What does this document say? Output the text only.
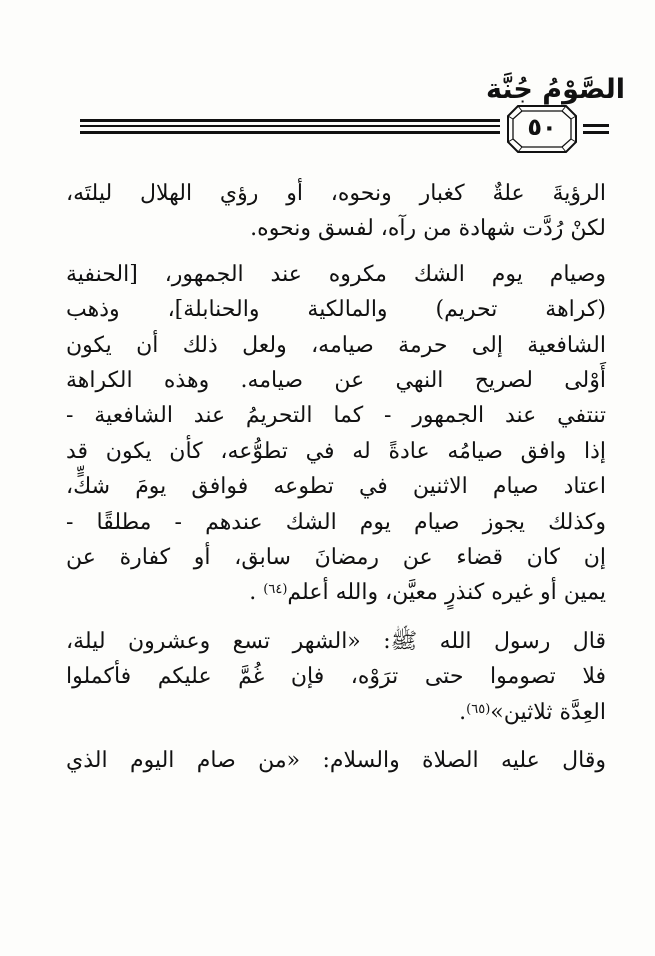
الصَّوْمُ جُنَّة
٥٠
الرؤيةَ علةٌ كغبار ونحوه، أو رؤي الهلال ليلتَه،
لكنْ رُدَّت شهادة من رآه، لفسق ونحوه.
وصيام يوم الشك مكروه عند الجمهور، [الحنفية
(كراهة تحريم) والمالكية والحنابلة]، وذهب
الشافعية إلى حرمة صيامه، ولعل ذلك أن يكون
أَوْلى لصريح النهي عن صيامه. وهذه الكراهة
تنتفي عند الجمهور - كما التحريمُ عند الشافعية -
إذا وافق صيامُه عادةً له في تطوُّعه، كأن يكون قد
اعتاد صيام الاثنين في تطوعه فوافق يومَ شكٍّ،
وكذلك يجوز صيام يوم الشك عندهم - مطلقًا -
إن كان قضاء عن رمضانَ سابق، أو كفارة عن
يمين أو غيره كنذرٍ معيَّن، والله أعلم$^{(٦٤)}$ .
قال رسول الله ﷺ: «الشهر تسع وعشرون ليلة،
فلا تصوموا حتى ترَوْه، فإن غُمَّ عليكم فأكملوا
العِدَّة ثلاثين»$^{(٦٥)}$.
وقال عليه الصلاة والسلام: «من صام اليوم الذي
